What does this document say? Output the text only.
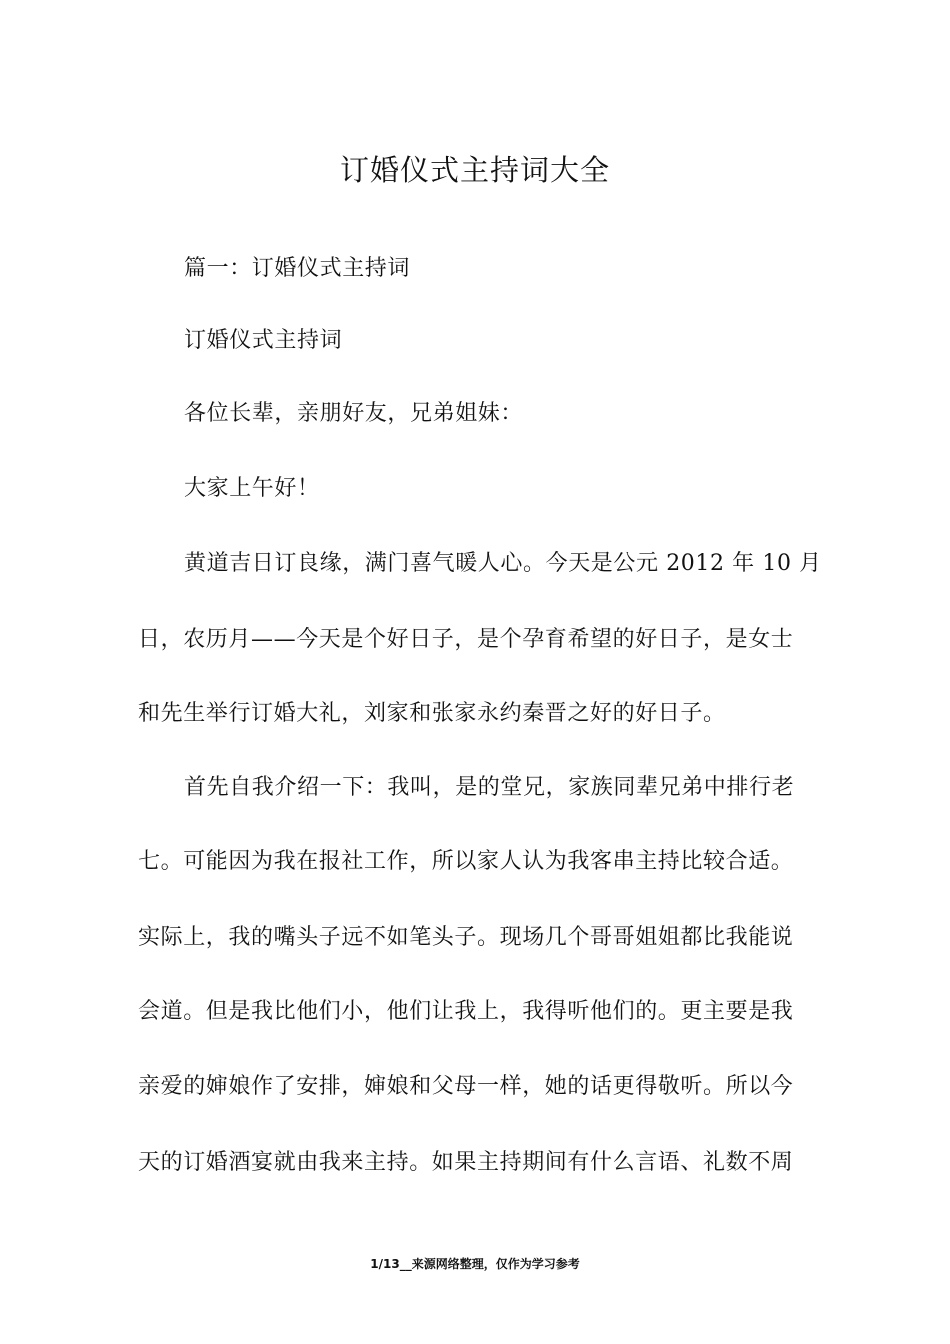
订婚仪式主持词大全
篇一：订婚仪式主持词
订婚仪式主持词
各位长辈，亲朋好友，兄弟姐妹：
大家上午好！
黄道吉日订良缘，满门喜气暖人心。今天是公元 2012 年 10 月
日，农历月——今天是个好日子，是个孕育希望的好日子，是女士
和先生举行订婚大礼，刘家和张家永约秦晋之好的好日子。
首先自我介绍一下：我叫，是的堂兄，家族同辈兄弟中排行老
七。可能因为我在报社工作，所以家人认为我客串主持比较合适。
实际上，我的嘴头子远不如笔头子。现场几个哥哥姐姐都比我能说
会道。但是我比他们小，他们让我上，我得听他们的。更主要是我
亲爱的婶娘作了安排，婶娘和父母一样，她的话更得敬听。所以今
天的订婚酒宴就由我来主持。如果主持期间有什么言语、礼数不周
1/13__来源网络整理，仅作为学习参考
